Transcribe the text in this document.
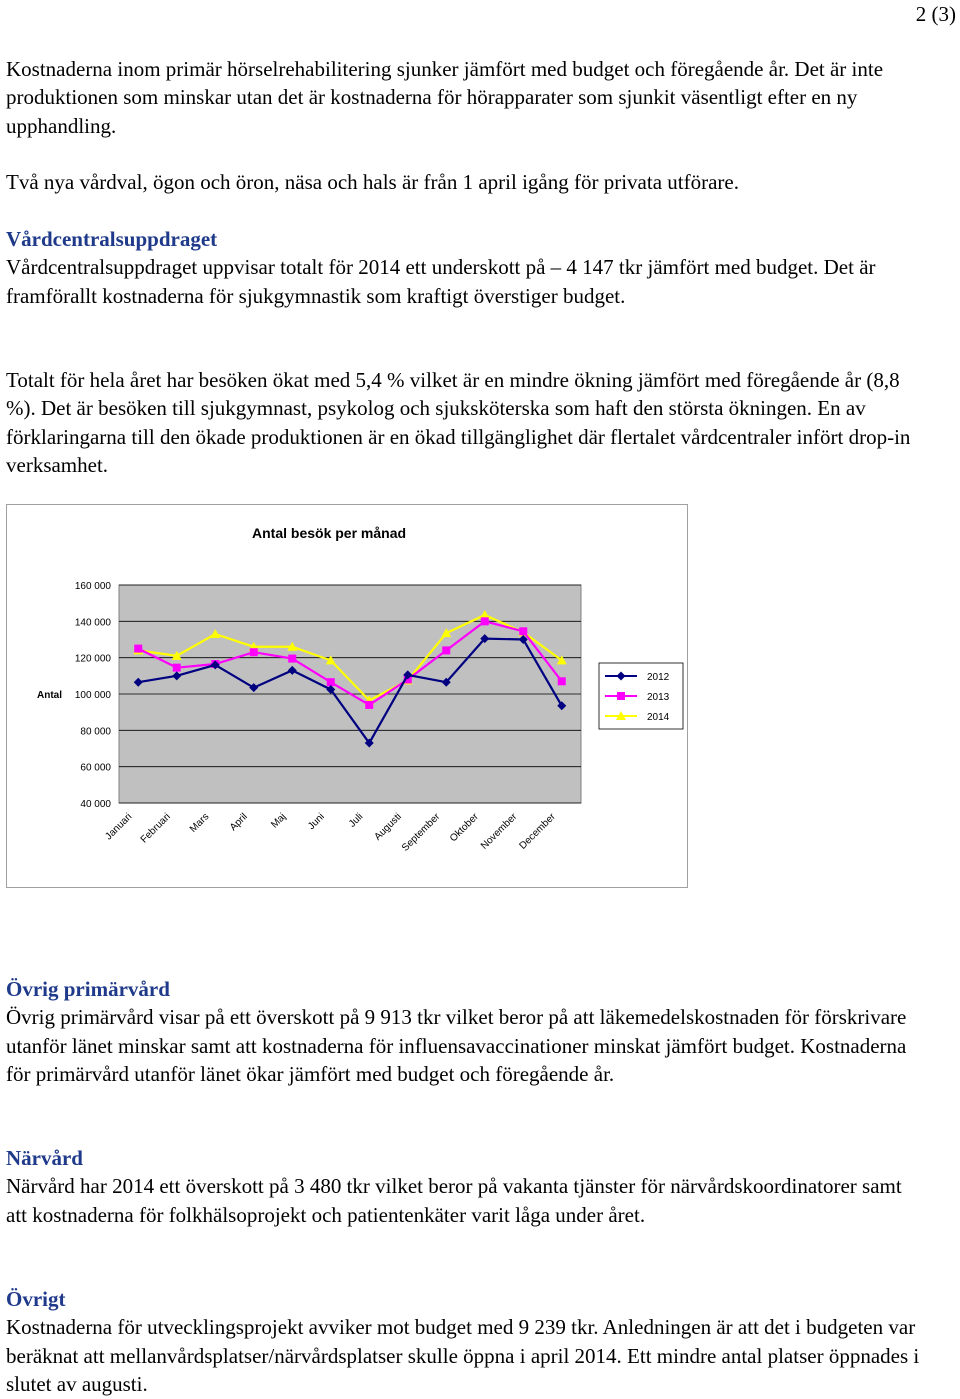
2 (3)

Kostnaderna inom primär hörselrehabilitering sjunker jämfört med budget och föregående år. Det är inte produktionen som minskar utan det är kostnaderna för hörapparater som sjunkit väsentligt efter en ny upphandling.

Två nya vårdval, ögon och öron, näsa och hals är från 1 april igång för privata utförare.

Vårdcentralsuppdraget
Vårdcentralsuppdraget uppvisar totalt för 2014 ett underskott på – 4 147 tkr jämfört med budget. Det är framförallt kostnaderna för sjukgymnastik som kraftigt överstiger budget.

Totalt för hela året har besöken ökat med 5,4 % vilket är en mindre ökning jämfört med föregående år (8,8 %). Det är besöken till sjukgymnast, psykolog och sjuksköterska som haft den största ökningen. En av förklaringarna till den ökade produktionen är en ökad tillgänglighet där flertalet vårdcentraler infört drop-in verksamhet.

Antal besök per månad
40 000
60 000
80 000
100 000
120 000
140 000
160 000
Antal
Januari Februari Mars April Maj Juni Juli Augusti
September Oktober
November
December
2012
2013
2014
Övrig primärvård
Övrig primärvård visar på ett överskott på 9 913 tkr vilket beror på att läkemedelskostnaden för förskrivare utanför länet minskar samt att kostnaderna för influensavaccinationer minskat jämfört budget. Kostnaderna för primärvård utanför länet ökar jämfört med budget och föregående år.
Närvård
Närvård har 2014 ett överskott på 3 480 tkr vilket beror på vakanta tjänster för närvårdskoordinatorer samt att kostnaderna för folkhälsoprojekt och patientenkäter varit låga under året.
Övrigt
Kostnaderna för utvecklingsprojekt avviker mot budget med 9 239 tkr. Anledningen är att det i budgeten var beräknat att mellanvårdsplatser/närvårdsplatser skulle öppna i april 2014. Ett mindre antal platser öppnades i slutet av augusti.
